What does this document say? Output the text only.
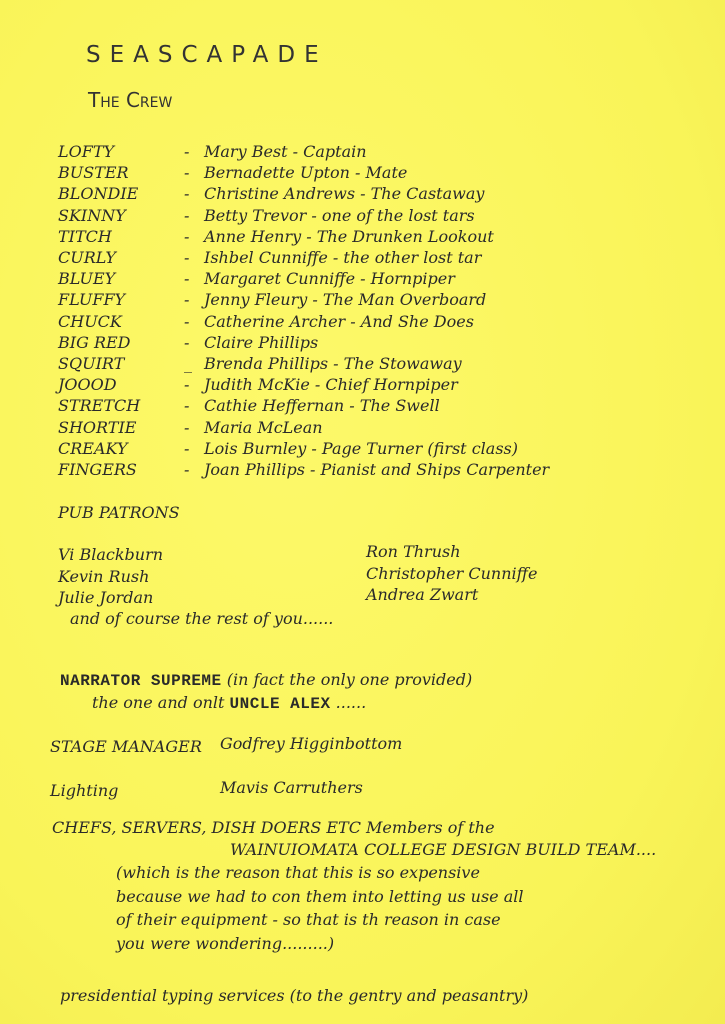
SEASCAPADE
The Crew
LOFTY	- Mary Best - Captain
BUSTER	- Bernadette Upton - Mate
BLONDIE	- Christine Andrews - The Castaway
SKINNY	- Betty Trevor - one of the lost tars
TITCH	- Anne Henry - The Drunken Lookout
CURLY	- Ishbel Cunniffe - the other lost tar
BLUEY	- Margaret Cunniffe - Hornpiper
FLUFFY	- Jenny Fleury - The Man Overboard
CHUCK	- Catherine Archer - And She Does
BIG RED	- Claire Phillips
SQUIRT	_ Brenda Phillips - The Stowaway
JOOOD	- Judith McKie - Chief Hornpiper
STRETCH	- Cathie Heffernan - The Swell
SHORTIE	- Maria McLean
CREAKY	- Lois Burnley - Page Turner (first class)
FINGERS	- Joan Phillips - Pianist and Ships Carpenter
PUB PATRONS
Vi Blackburn
Kevin Rush
Julie Jordan
Ron Thrush
Christopher Cunniffe
Andrea Zwart
and of course the rest of you......
NARRATOR SUPREME (in fact the only one provided)
the one and onlt UNCLE ALEX ......
STAGE MANAGER Godfrey Higginbottom
Lighting	Mavis Carruthers
CHEFS, SERVERS, DISH DOERS ETC Members of the
WAINUIOMATA COLLEGE DESIGN BUILD TEAM....
(which is the reason that this is so expensive
because we had to con them into letting us use all
of their equipment - so that is th reason in case
you were wondering.........)
presidential typing services (to the gentry and peasantry)
